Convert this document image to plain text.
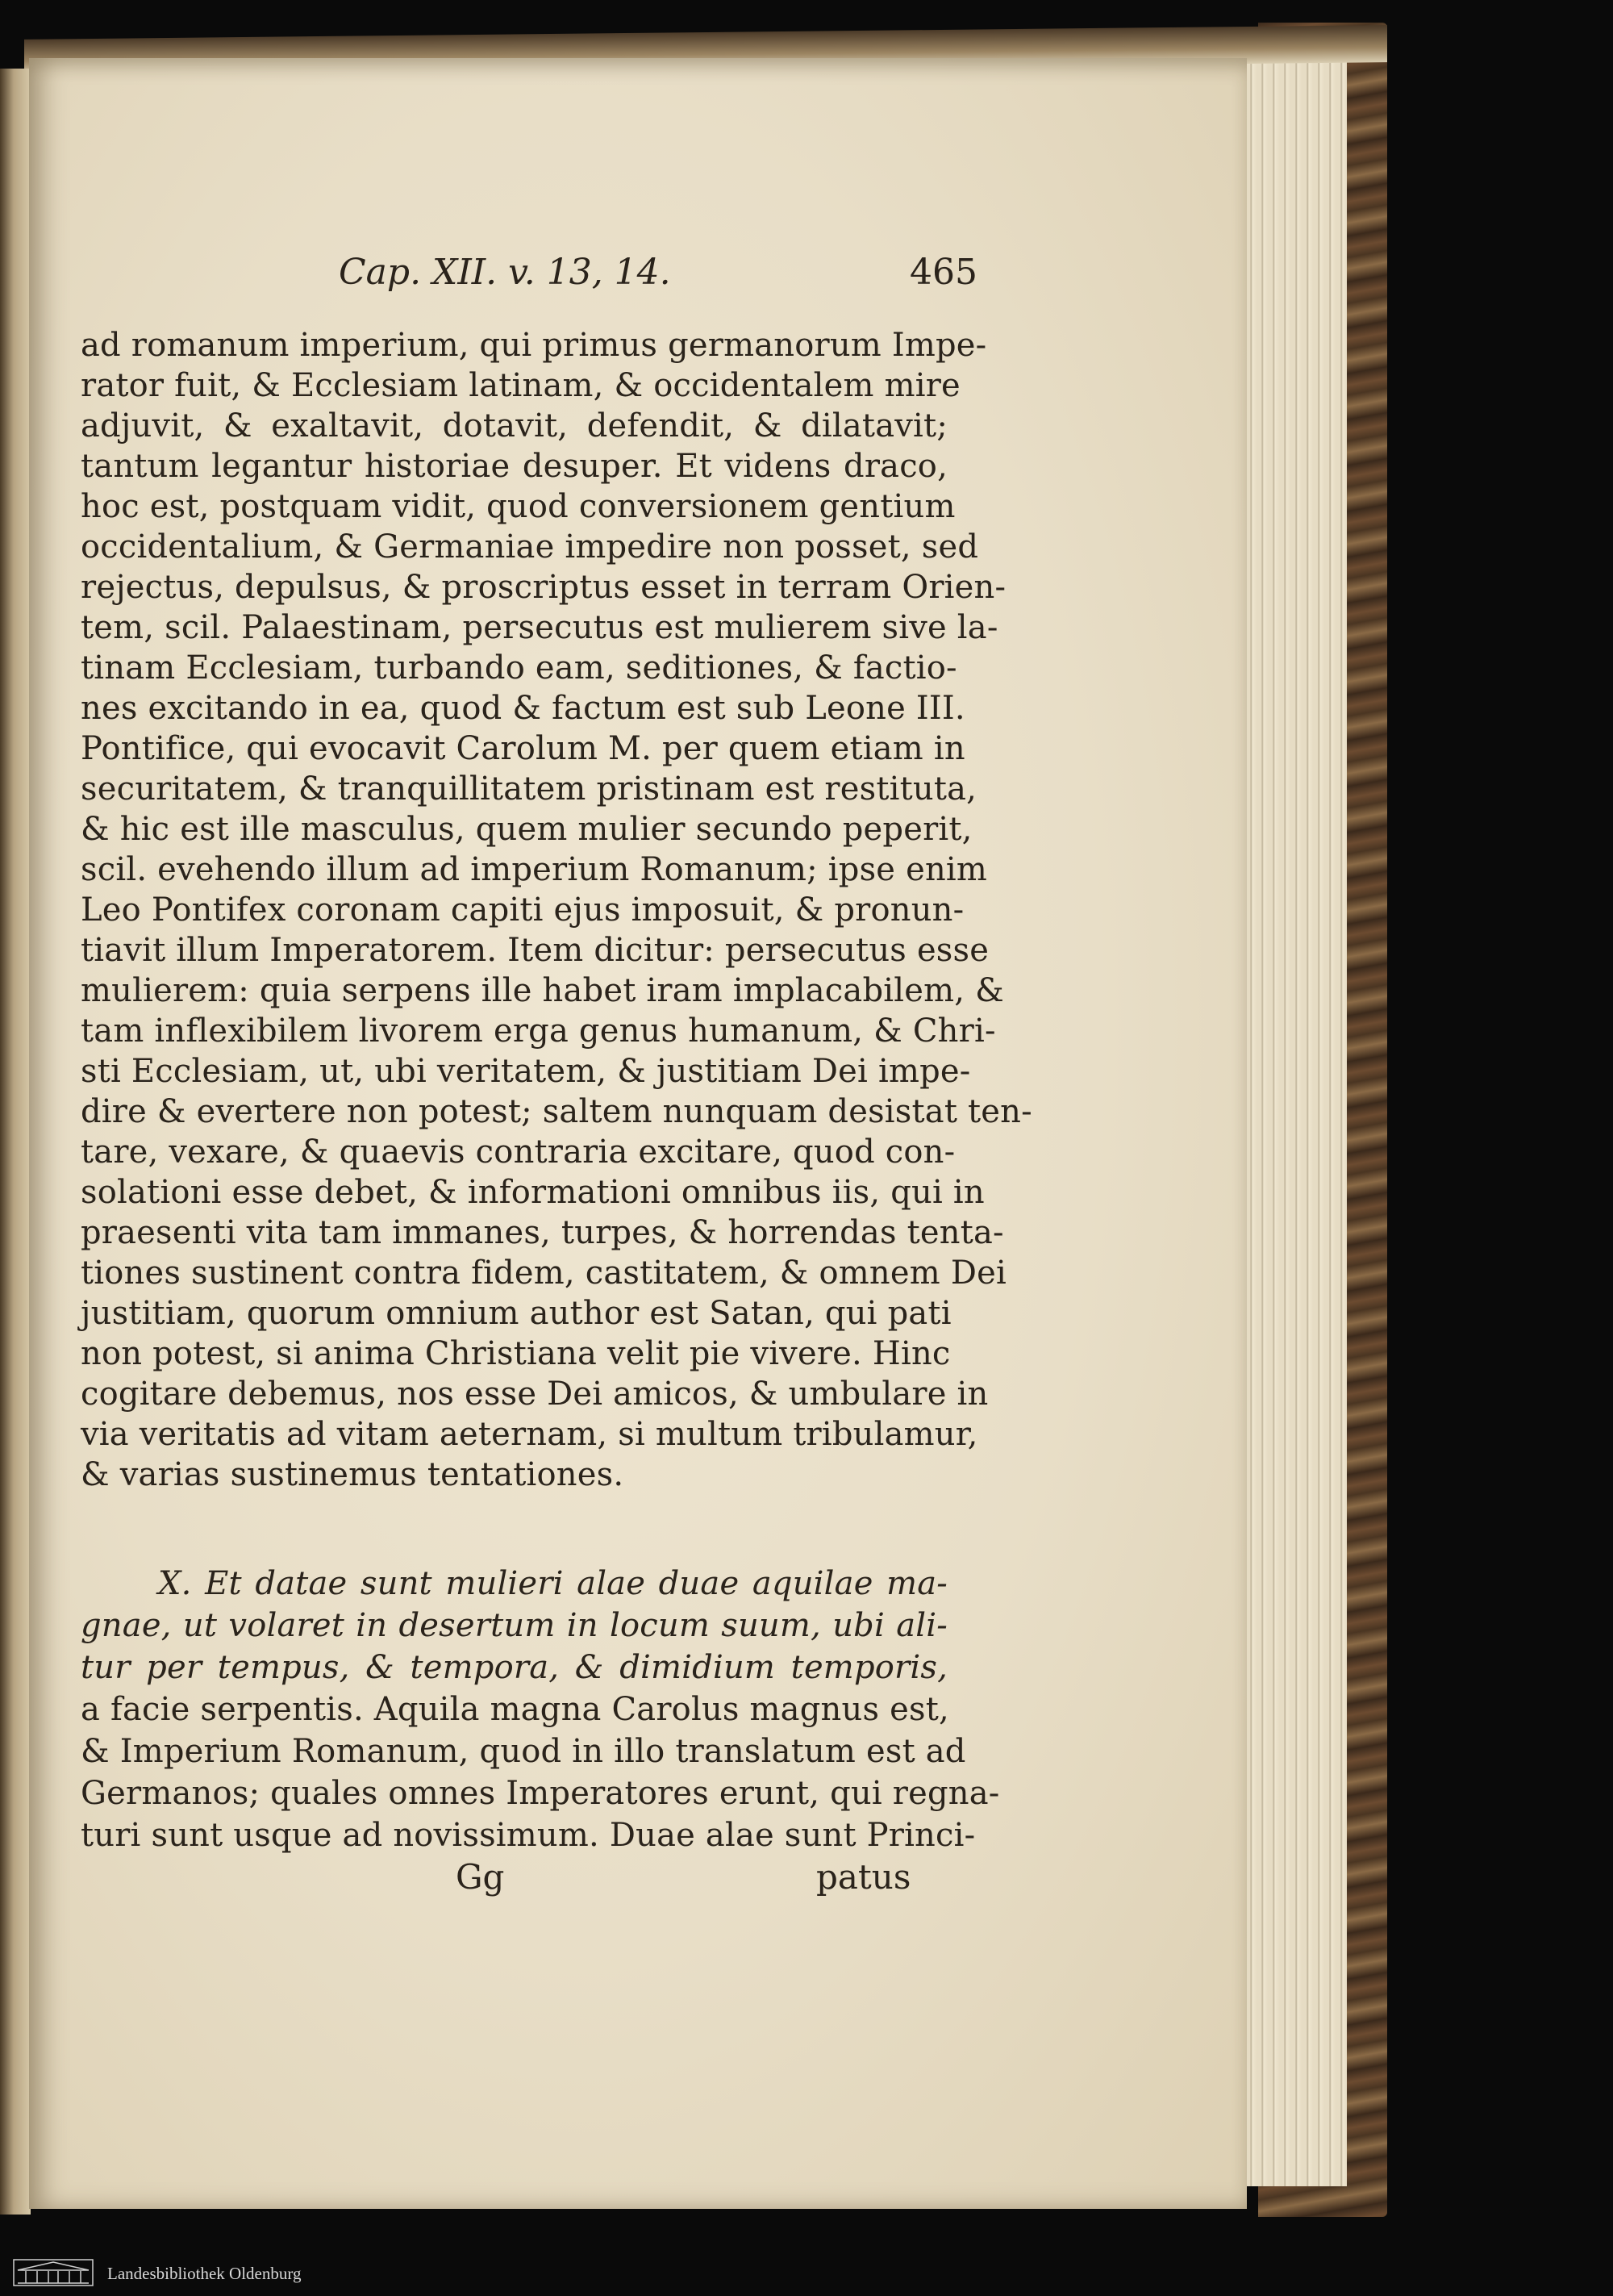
Cap. XII. v. 13, 14.	465
ad romanum imperium, qui primus germanorum Impe-
rator fuit, & Ecclesiam latinam, & occidentalem mire
adjuvit, & exaltavit, dotavit, defendit, & dilatavit;
tantum legantur historiae desuper. Et videns draco,
hoc est, postquam vidit, quod conversionem gentium
occidentalium, & Germaniae impedire non posset, sed
rejectus, depulsus, & proscriptus esset in terram Orien-
tem, scil. Palaestinam, persecutus est mulierem sive la-
tinam Ecclesiam, turbando eam, seditiones, & factio-
nes excitando in ea, quod & factum est sub Leone III.
Pontifice, qui evocavit Carolum M. per quem etiam in
securitatem, & tranquillitatem pristinam est restituta,
& hic est ille masculus, quem mulier secundo peperit,
scil. evehendo illum ad imperium Romanum; ipse enim
Leo Pontifex coronam capiti ejus imposuit, & pronun-
tiavit illum Imperatorem. Item dicitur: persecutus esse
mulierem: quia serpens ille habet iram implacabilem, &
tam inflexibilem livorem erga genus humanum, & Chri-
sti Ecclesiam, ut, ubi veritatem, & justitiam Dei impe-
dire & evertere non potest; saltem nunquam desistat ten-
tare, vexare, & quaevis contraria excitare, quod con-
solationi esse debet, & informationi omnibus iis, qui in
praesenti vita tam immanes, turpes, & horrendas tenta-
tiones sustinent contra fidem, castitatem, & omnem Dei
justitiam, quorum omnium author est Satan, qui pati
non potest, si anima Christiana velit pie vivere. Hinc
cogitare debemus, nos esse Dei amicos, & umbulare in
via veritatis ad vitam aeternam, si multum tribulamur,
& varias sustinemus tentationes.
X. Et datae sunt mulieri alae duae aquilae ma-
gnae, ut volaret in desertum in locum suum, ubi ali-
tur per tempus, & tempora, & dimidium temporis,
a facie serpentis. Aquila magna Carolus magnus est,
& Imperium Romanum, quod in illo translatum est ad
Germanos; quales omnes Imperatores erunt, qui regna-
turi sunt usque ad novissimum. Duae alae sunt Princi-
Gg	patus
Landesbibliothek Oldenburg
